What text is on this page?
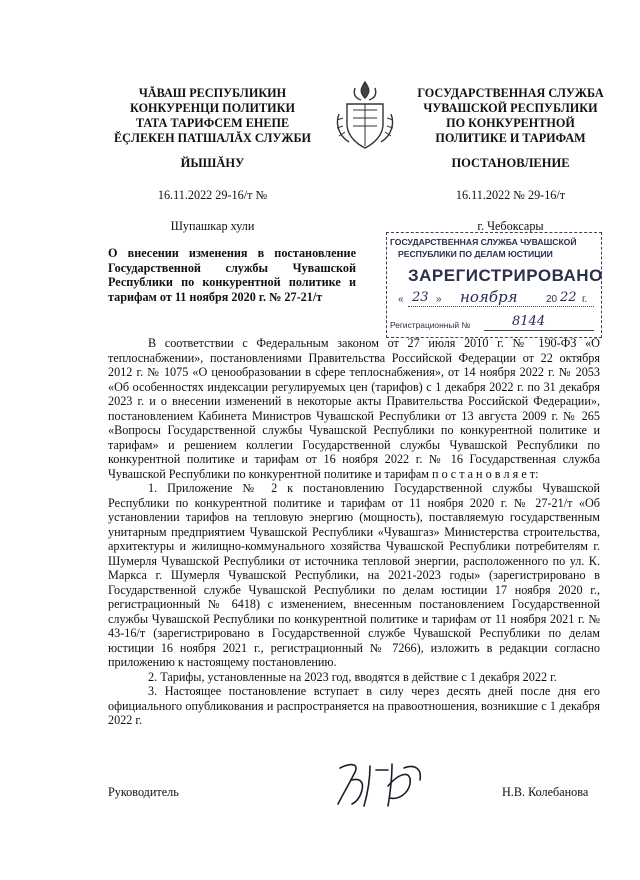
ЧĂВАШ РЕСПУБЛИКИН
КОНКУРЕНЦИ ПОЛИТИКИ
ТАТА ТАРИФСЕМ ЕНЕПЕ
ĔÇЛЕКЕН ПАТШАЛĂХ СЛУЖБИ
ГОСУДАРСТВЕННАЯ СЛУЖБА
ЧУВАШСКОЙ РЕСПУБЛИКИ
ПО КОНКУРЕНТНОЙ
ПОЛИТИКЕ И ТАРИФАМ
ЙЫШĂНУ	ПОСТАНОВЛЕНИЕ
16.11.2022 29-16/т №	16.11.2022 № 29-16/т
Шупашкар хули	г. Чебоксары
О внесении изменения в постановление Государственной службы Чувашской Республики по конкурентной политике и тарифам от 11 ноября 2020 г. № 27-21/т
ГОСУДАРСТВЕННАЯ СЛУЖБА ЧУВАШСКОЙ
РЕСПУБЛИКИ ПО ДЕЛАМ ЮСТИЦИИ
ЗАРЕГИСТРИРОВАНО
« 23 » ноября	20 22 г.
Регистрационный №	8144

В соответствии с Федеральным законом от 27 июля 2010 г. № 190-ФЗ «О теплоснабжении», постановлениями Правительства Российской Федерации от 22 октября 2012 г. № 1075 «О ценообразовании в сфере теплоснабжения», от 14 ноября 2022 г. № 2053 «Об особенностях индексации регулируемых цен (тарифов) с 1 декабря 2022 г. по 31 декабря 2023 г. и о внесении изменений в некоторые акты Правительства Российской Федерации», постановлением Кабинета Министров Чувашской Республики от 13 августа 2009 г. № 265 «Вопросы Государственной службы Чувашской Республики по конкурентной политике и тарифам» и решением коллегии Государственной службы Чувашской Республики по конкурентной политике и тарифам от 16 ноября 2022 г. № 16 Государственная служба Чувашской Республики по конкурентной политике и тарифам п о с т а н о в л я е т:

1. Приложение № 2 к постановлению Государственной службы Чувашской Республики по конкурентной политике и тарифам от 11 ноября 2020 г. № 27-21/т «Об установлении тарифов на тепловую энергию (мощность), поставляемую государственным унитарным предприятием Чувашской Республики «Чувашгаз» Министерства строительства, архитектуры и жилищно-коммунального хозяйства Чувашской Республики потребителям г. Шумерля Чувашской Республики от источника тепловой энергии, расположенного по ул. К. Маркса г. Шумерля Чувашской Республики, на 2021-2023 годы» (зарегистрировано в Государственной службе Чувашской Республики по делам юстиции 17 ноября 2020 г., регистрационный № 6418) с изменением, внесенным постановлением Государственной службы Чувашской Республики по конкурентной политике и тарифам от 11 ноября 2021 г. № 43-16/т (зарегистрировано в Государственной службе Чувашской Республики по делам юстиции 16 ноября 2021 г., регистрационный № 7266), изложить в редакции согласно приложению к настоящему постановлению.

2. Тарифы, установленные на 2023 год, вводятся в действие с 1 декабря 2022 г.

3. Настоящее постановление вступает в силу через десять дней после дня его официального опубликования и распространяется на правоотношения, возникшие с 1 декабря 2022 г.

Руководитель	Н.В. Колебанова
